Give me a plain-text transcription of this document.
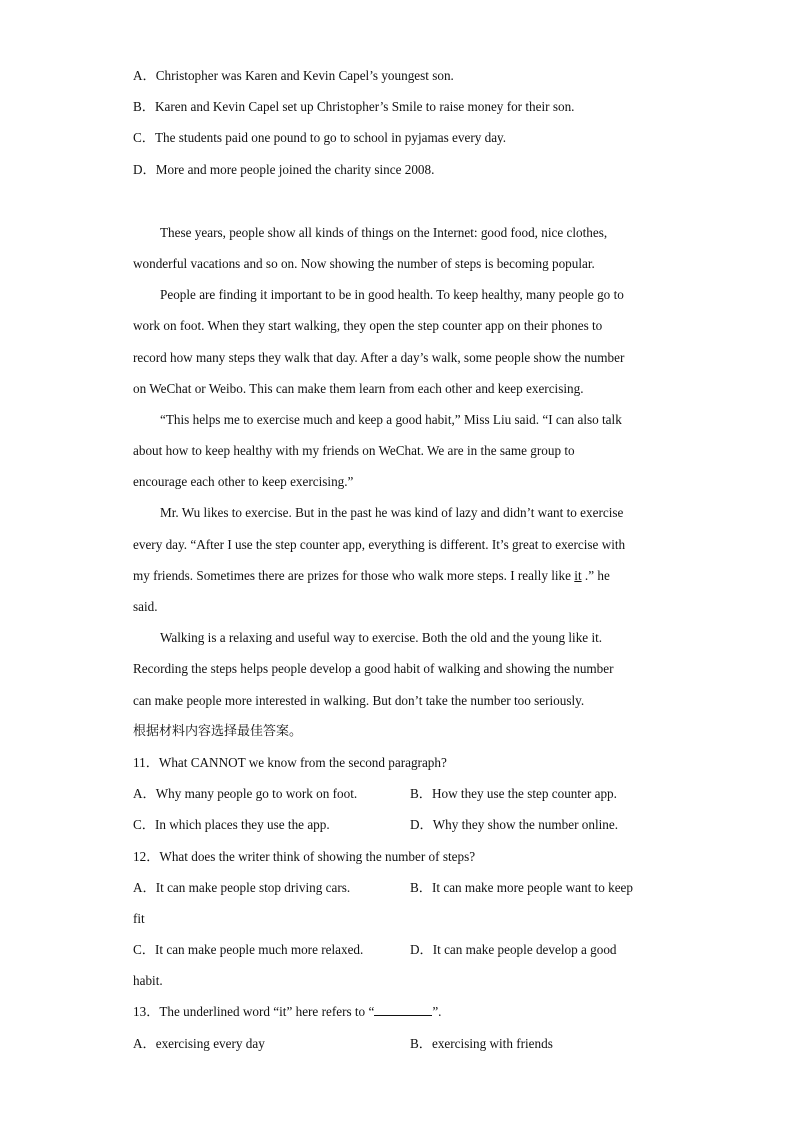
A．Christopher was Karen and Kevin Capel’s youngest son.
B．Karen and Kevin Capel set up Christopher’s Smile to raise money for their son.
C．The students paid one pound to go to school in pyjamas every day.
D．More and more people joined the charity since 2008.
These years, people show all kinds of things on the Internet: good food, nice clothes,
wonderful vacations and so on. Now showing the number of steps is becoming popular.
People are finding it important to be in good health. To keep healthy, many people go to
work on foot. When they start walking, they open the step counter app on their phones to
record how many steps they walk that day. After a day’s walk, some people show the number
on WeChat or Weibo. This can make them learn from each other and keep exercising.
“This helps me to exercise much and keep a good habit,” Miss Liu said. “I can also talk
about how to keep healthy with my friends on WeChat. We are in the same group to
encourage each other to keep exercising.”
Mr. Wu likes to exercise. But in the past he was kind of lazy and didn’t want to exercise
every day. “After I use the step counter app, everything is different. It’s great to exercise with
my friends. Sometimes there are prizes for those who walk more steps. I really like it .” he
said.
Walking is a relaxing and useful way to exercise. Both the old and the young like it.
Recording the steps helps people develop a good habit of walking and showing the number
can make people more interested in walking. But don’t take the number too seriously.
根据材料内容选择最佳答案。
11．What CANNOT we know from the second paragraph?
A．Why many people go to work on foot.	B．How they use the step counter app.
C．In which places they use the app.	D．Why they show the number online.
12．What does the writer think of showing the number of steps?
A．It can make people stop driving cars.	B．It can make more people want to keep
fit
C．It can make people much more relaxed.	D．It can make people develop a good
habit.
13．The underlined word “it” here refers to “	”.
A．exercising every day	B．exercising with friends
